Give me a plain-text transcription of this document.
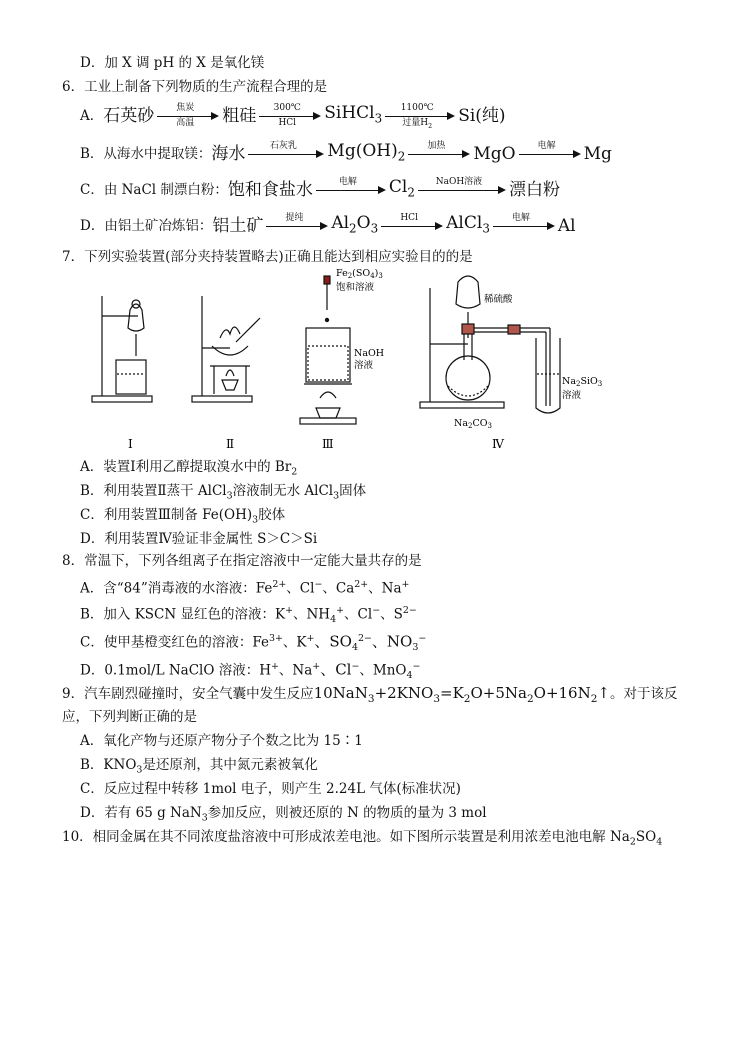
D．加 X 调 pH 的 X 是氧化镁
6．工业上制备下列物质的生产流程合理的是
A． 石英砂	焦炭
高温	粗硅	300℃
HCl	SiHCl$_3$
1100℃
过量$H_2$
Si(纯)
B．从海水中提取镁： 海水	石灰乳	$Mg(OH)_2$
加热	MgO	电解	Mg
C．由 NaCl 制漂白粉： 饱和食盐水	电解	$Cl_2$
NaOH溶液	漂白粉
D．由铝土矿冶炼铝： 铝土矿	提纯	$Al_2O_3$
HCl	AlCl$_3$
电解	Al
7．下列实验装置(部分夹持装置略去)正确且能达到相应实验目的的是
$Fe_2(SO_4)_3$
饱和溶液
NaOH
溶液
稀硫酸
$Na_2SiO_3$
溶液
$Na_2CO_3$
Ⅰ	Ⅱ	Ⅲ	Ⅳ
A．装置Ⅰ利用乙醇提取溴水中的 $Br_2$
B．利用装置Ⅱ蒸干 AlCl$_3$溶液制无水 AlCl$_3$固体
C．利用装置Ⅲ制备 $Fe(OH)_3$胶体
D．利用装置Ⅳ验证非金属性 S＞C＞Si
8．常温下，下列各组离子在指定溶液中一定能大量共存的是
A．含“84”消毒液的水溶液：$Fe^{2+}$、Cl−、$Ca^{2+}$、Na+
B．加入 KSCN 显红色的溶液：K+、$NH_4^+$、Cl−、$S^{2-}$
C．使甲基橙变红色的溶液：$Fe^{3+}$、K+、$SO_4^{2-}$、$NO_3^-$
D．0.1mol/L NaClO 溶液：H+、Na+、Cl−、MnO$_4$−
9．汽车剧烈碰撞时，安全气囊中发生反应$10NaN_3+2KNO_3=K_2O+5Na_2O+16N_2↑$。对于该反
应，下列判断正确的是
A．氧化产物与还原产物分子个数之比为 15∶1
B．$KNO_3$是还原剂，其中氮元素被氧化
C．反应过程中转移 1mol 电子，则产生 2.24L 气体(标准状况)
D．若有 65 g NaN$_3$参加反应，则被还原的 N 的物质的量为 3 mol
10．相同金属在其不同浓度盐溶液中可形成浓差电池。如下图所示装置是利用浓差电池电解 $Na_2SO_4$
